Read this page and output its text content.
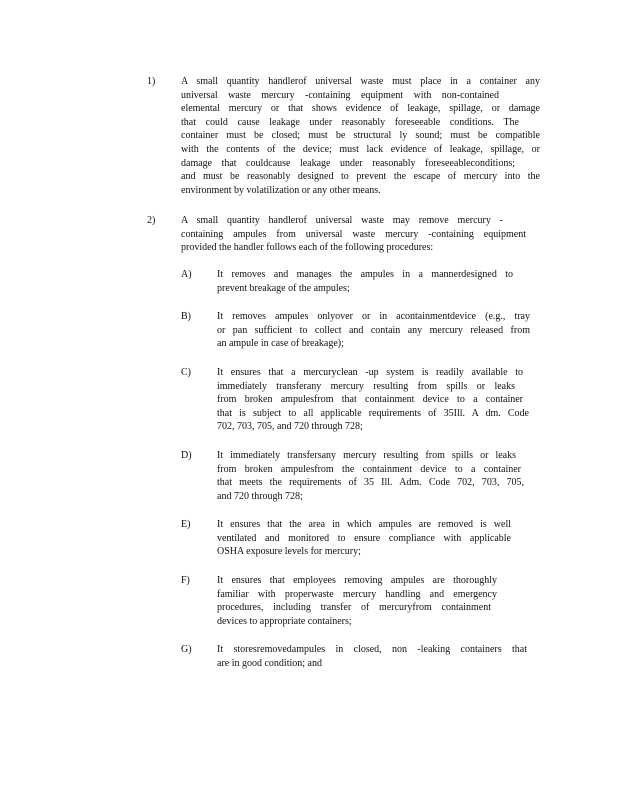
1)	A small quantity handlerof universal waste must place in a container any
universal waste mercury -containing equipment with non-contained
elemental mercury or that shows evidence of leakage, spillage, or damage
that could cause leakage under reasonably foreseeable conditions. The
container must be closed; must be structural ly sound; must be compatible
with the contents of the device; must lack evidence of leakage, spillage, or
damage that couldcause leakage under reasonably foreseeableconditions;
and must be reasonably designed to prevent the escape of mercury into the
environment by volatilization or any other means.
2)	A small quantity handlerof universal waste may remove mercury -
containing ampules from universal waste mercury -containing equipment
provided the handler follows each of the following procedures:
A)	It removes and manages the ampules in a mannerdesigned to
prevent breakage of the ampules;
B)	It removes ampules onlyover or in acontainmentdevice (e.g., tray
or pan sufficient to collect and contain any mercury released from
an ampule in case of breakage);
C)	It ensures that a mercuryclean -up system is readily available to
immediately transferany mercury resulting from spills or leaks
from broken ampulesfrom that containment device to a container
that is subject to all applicable requirements of 35Ill. A dm. Code
702, 703, 705, and 720 through 728;
D)	It immediately transfersany mercury resulting from spills or leaks
from broken ampulesfrom the containment device to a container
that meets the requirements of 35 Ill. Adm. Code 702, 703, 705,
and 720 through 728;
E)	It ensures that the area in which ampules are removed is well
ventilated and monitored to ensure compliance with applicable
OSHA exposure levels for mercury;
F)	It ensures that employees removing ampules are thoroughly
familiar with properwaste mercury handling and emergency
procedures, including transfer of mercuryfrom containment
devices to appropriate containers;
G)	It storesremovedampules in closed, non -leaking containers that
are in good condition; and
